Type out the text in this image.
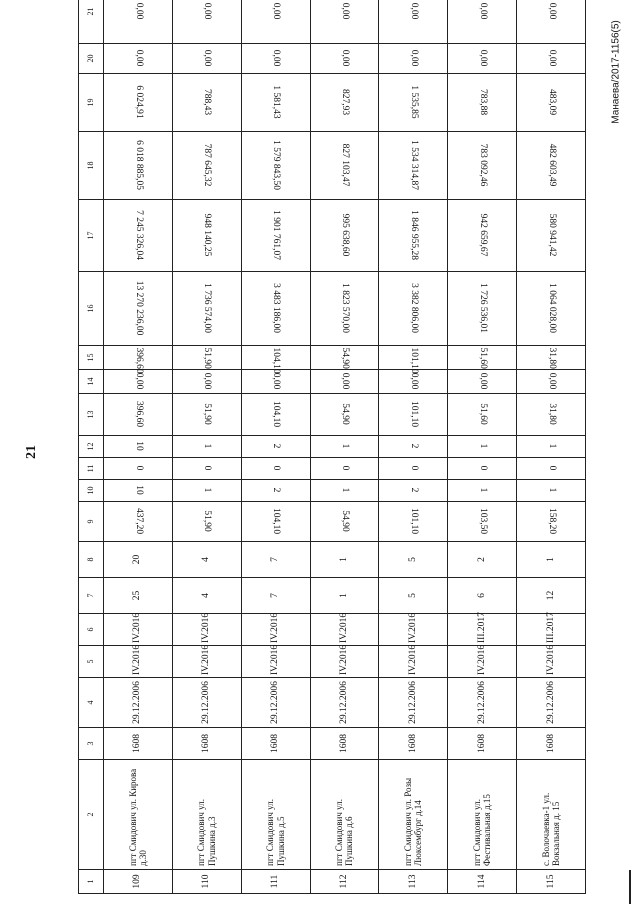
21
Манаева/2017-1156(5)
1	2	3	4	5	6	7	8	9	10	11	12	13	14	15	16	17	18	19	20	21
109	пгт Смидович ул. Кирова д.30	1608	29.12.2006	IV.2016	IV.2016	25	20	437,20	10	0	10	396,60	0,00	396,60	13 270 236,00	7 245 326,04	6 018 885,05	6 024,91	0,00	0,00
110	пгт Смидович ул. Пушкина д.3	1608	29.12.2006	IV.2016	IV.2016	4	4	51,90	1	0	1	51,90	0,00	51,90	1 736 574,00	948 140,25	787 645,32	788,43	0,00	0,00
111	пгт Смидович ул. Пушкина д.5	1608	29.12.2006	IV.2016	IV.2016	7	7	104,10	2	0	2	104,10	0,00	104,10	3 483 186,00	1 901 761,07	1 579 843,50	1 581,43	0,00	0,00
112	пгт Смидович ул. Пушкина д.6	1608	29.12.2006	IV.2016	IV.2016	1	1	54,90	1	0	1	54,90	0,00	54,90	1 823 570,00	995 638,60	827 103,47	827,93	0,00	0,00
113	пгт Смидович ул. Розы Люксембург д.14	1608	29.12.2006	IV.2016	IV.2016	5	5	101,10	2	0	2	101,10	0,00	101,10	3 382 806,00	1 846 955,28	1 534 314,87	1 535,85	0,00	0,00
114	пгт Смидович ул. Фестивальная д.15	1608	29.12.2006	IV.2016	III.2017	6	2	103,50	1	0	1	51,60	0,00	51,60	1 726 536,01	942 659,67	783 092,46	783,88	0,00	0,00
115	с. Волочаевка-1 ул. Вокзальная д. 15	1608	29.12.2006	IV.2016	III.2017	12	1	158,20	1	0	1	31,80	0,00	31,80	1 064 028,00	580 941,42	482 603,49	483,09	0,00	0,00
